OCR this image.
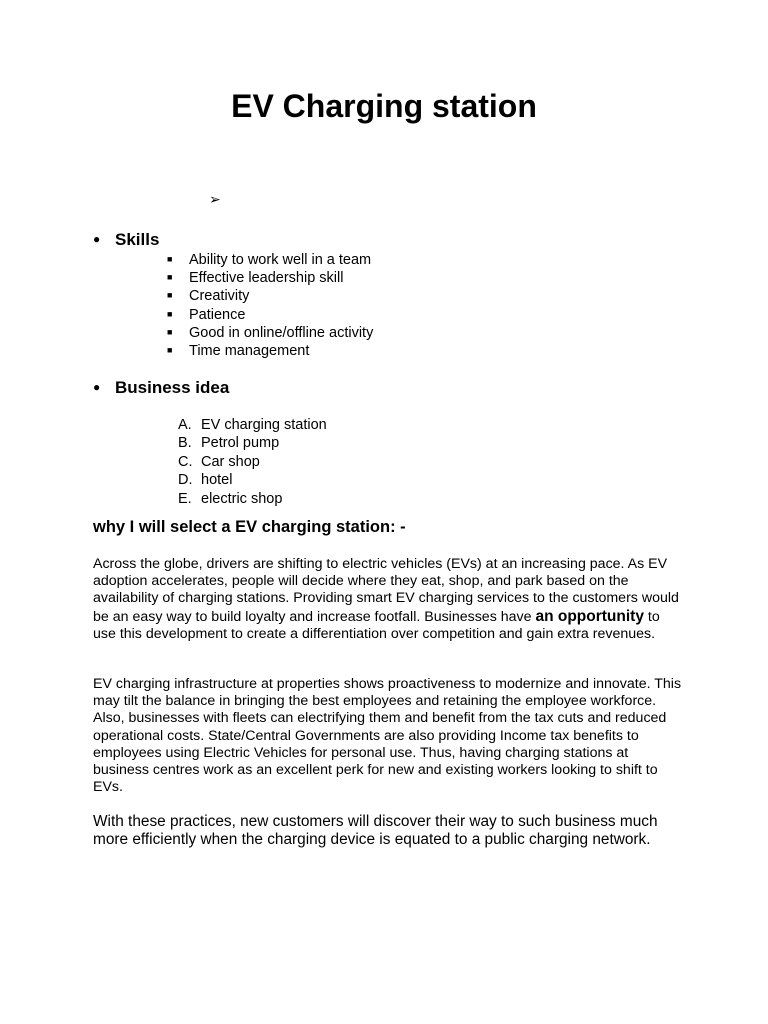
EV Charging station
➢
● Skills
■ Ability to work well in a team
■ Effective leadership skill
■ Creativity
■ Patience
■ Good in online/offline activity
■ Time management
● Business idea
A. EV charging station
B. Petrol pump
C. Car shop
D. hotel
E. electric shop
why I will select a EV charging station: -

Across the globe, drivers are shifting to electric vehicles (EVs) at an increasing pace. As EV adoption accelerates, people will decide where they eat, shop, and park based on the availability of charging stations. Providing smart EV charging services to the customers would be an easy way to build loyalty and increase footfall. Businesses have an opportunity to use this development to create a differentiation over competition and gain extra revenues.

EV charging infrastructure at properties shows proactiveness to modernize and innovate. This may tilt the balance in bringing the best employees and retaining the employee workforce. Also, businesses with fleets can electrifying them and benefit from the tax cuts and reduced operational costs. State/Central Governments are also providing Income tax benefits to employees using Electric Vehicles for personal use. Thus, having charging stations at business centres work as an excellent perk for new and existing workers looking to shift to EVs.

With these practices, new customers will discover their way to such business much more efficiently when the charging device is equated to a public charging network.
